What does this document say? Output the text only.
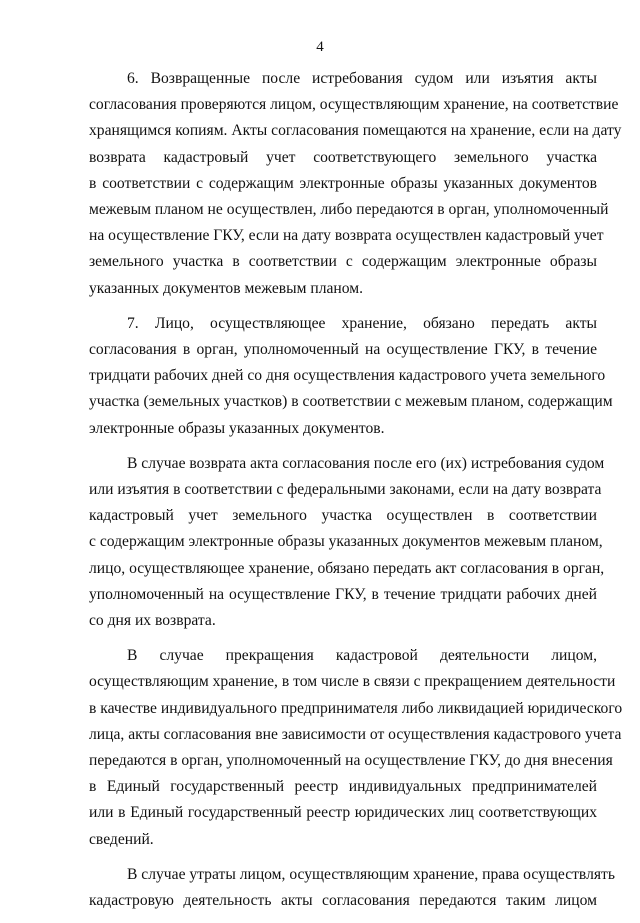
4
6. Возвращенные после истребования судом или изъятия акты
согласования проверяются лицом, осуществляющим хранение, на соответствие
хранящимся копиям. Акты согласования помещаются на хранение, если на дату
возврата кадастровый учет соответствующего земельного участка
в соответствии с содержащим электронные образы указанных документов
межевым планом не осуществлен, либо передаются в орган, уполномоченный
на осуществление ГКУ, если на дату возврата осуществлен кадастровый учет
земельного участка в соответствии с содержащим электронные образы
указанных документов межевым планом.
7. Лицо, осуществляющее хранение, обязано передать акты
согласования в орган, уполномоченный на осуществление ГКУ, в течение
тридцати рабочих дней со дня осуществления кадастрового учета земельного
участка (земельных участков) в соответствии с межевым планом, содержащим
электронные образы указанных документов.
В случае возврата акта согласования после его (их) истребования судом
или изъятия в соответствии с федеральными законами, если на дату возврата
кадастровый учет земельного участка осуществлен в соответствии
с содержащим электронные образы указанных документов межевым планом,
лицо, осуществляющее хранение, обязано передать акт согласования в орган,
уполномоченный на осуществление ГКУ, в течение тридцати рабочих дней
со дня их возврата.
В случае прекращения кадастровой деятельности лицом,
осуществляющим хранение, в том числе в связи с прекращением деятельности
в качестве индивидуального предпринимателя либо ликвидацией юридического
лица, акты согласования вне зависимости от осуществления кадастрового учета
передаются в орган, уполномоченный на осуществление ГКУ, до дня внесения
в Единый государственный реестр индивидуальных предпринимателей
или в Единый государственный реестр юридических лиц соответствующих
сведений.
В случае утраты лицом, осуществляющим хранение, права осуществлять
кадастровую деятельность акты согласования передаются таким лицом
